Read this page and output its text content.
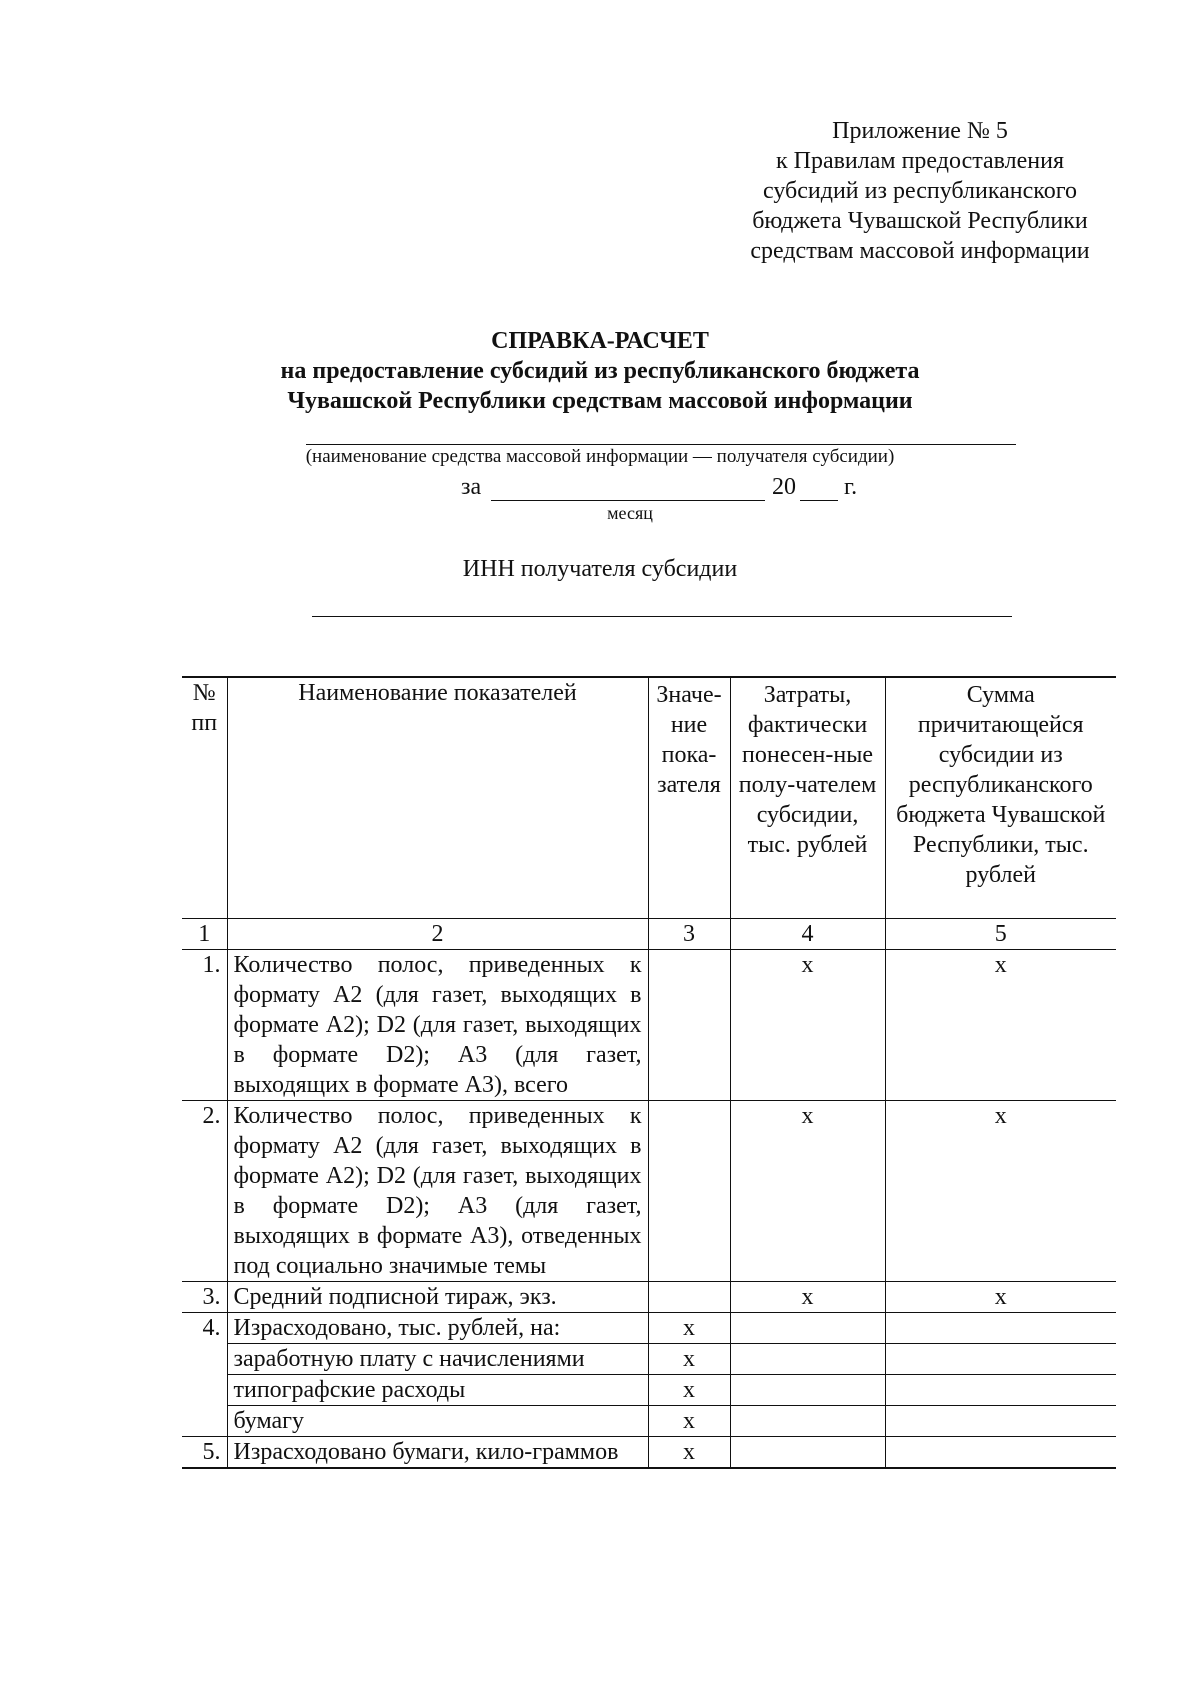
Приложение № 5
к Правилам предоставления
субсидий из республиканского
бюджета Чувашской Республики
средствам массовой информации
СПРАВКА-РАСЧЕТ
на предоставление субсидий из республиканского бюджета
Чувашской Республики средствам массовой информации
(наименование средства массовой информации — получателя субсидии)
за	20 г.
месяц
ИНН получателя субсидии
№ пп	Наименование показателей	Значе-ние пока-зателя	Затраты, фактически понесен-ные полу-чателем субсидии, тыс. рублей	Сумма причитающейся субсидии из республиканского бюджета Чувашской Республики, тыс. рублей
1	2	3	4	5
1.	Количество полос, приведенных к формату А2 (для газет, выходящих в формате А2); D2 (для газет, выходящих в формате D2); А3 (для газет, выходящих в формате А3), всего		х	х
2.	Количество полос, приведенных к формату А2 (для газет, выходящих в формате А2); D2 (для газет, выходящих в формате D2); А3 (для газет, выходящих в формате А3), отведенных под социально значимые темы		х	х
3.	Средний подписной тираж, экз.		х	х
4.	Израсходовано, тыс. рублей, на:	х		
	заработную плату с начислениями	х		
	типографские расходы	х		
	бумагу	х		
5.	Израсходовано бумаги, кило-граммов	х		
